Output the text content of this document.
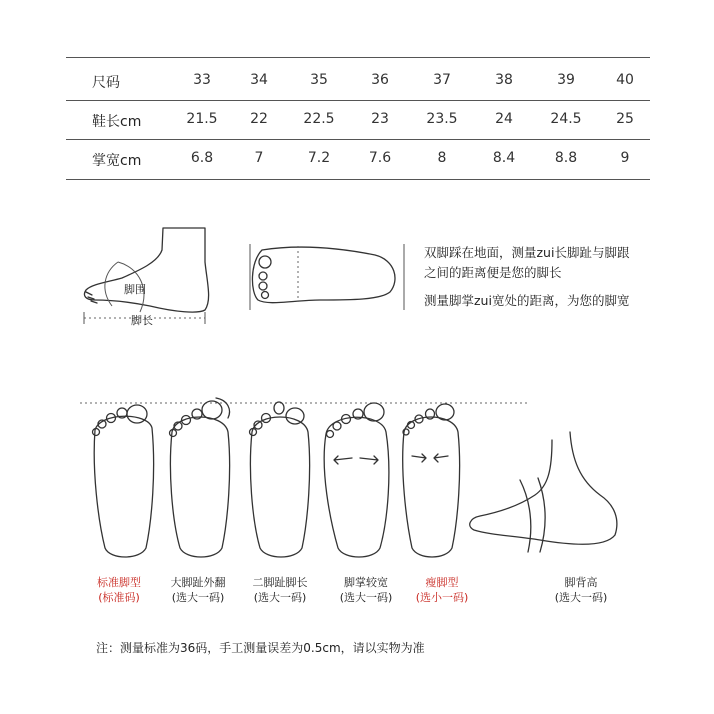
尺码	33	34	35	36	37	38	39	40
鞋长cm	21.5	22	22.5	23	23.5	24	24.5	25
掌宽cm	6.8	7	7.2	7.6	8	8.4	8.8	9
脚围
脚长
双脚踩在地面，测量zui长脚趾与脚跟
之间的距离便是您的脚长
测量脚掌zui宽处的距离，为您的脚宽
标准脚型
(标准码)
大脚趾外翻
(选大一码)
二脚趾脚长
(选大一码)
脚掌较宽
(选大一码)
瘦脚型
(选小一码)
脚背高
(选大一码)
注：测量标准为36码，手工测量误差为0.5cm，请以实物为准
